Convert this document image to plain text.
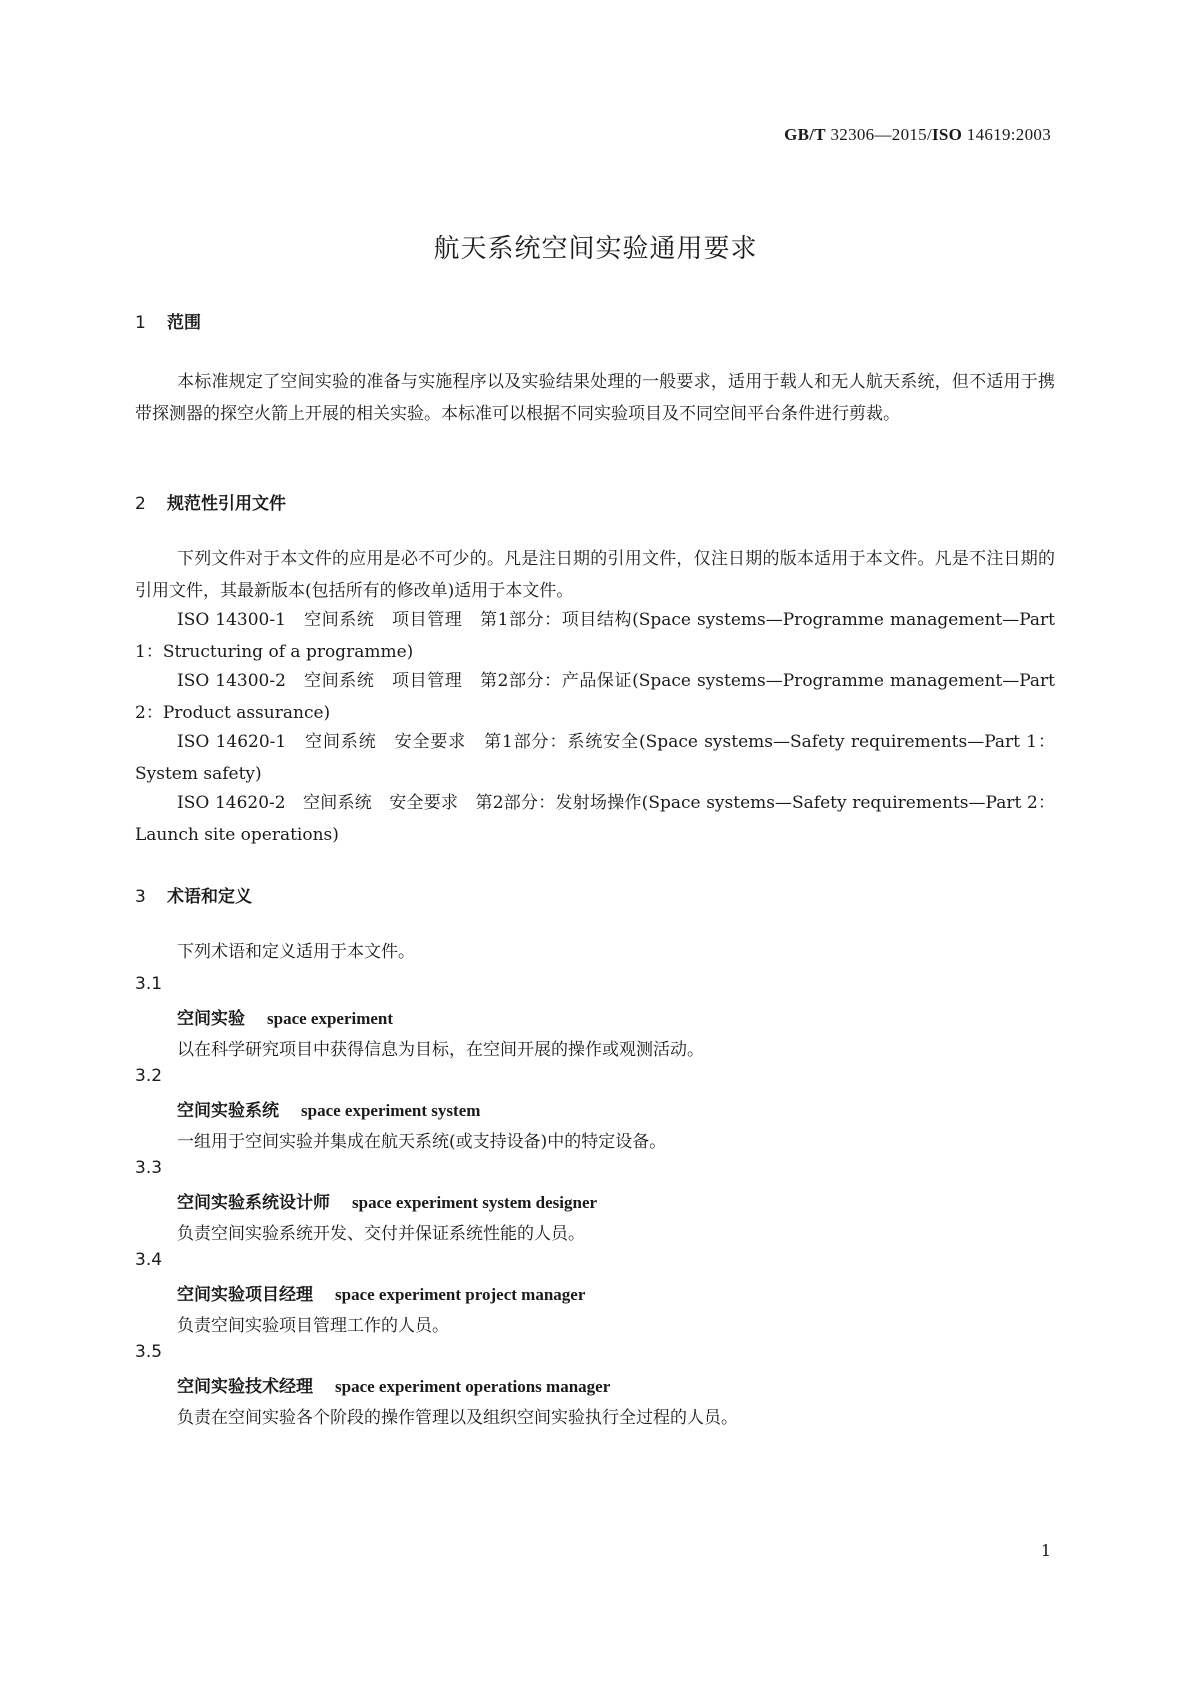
GB/T 32306—2015/ISO 14619:2003
航天系统空间实验通用要求
1 范围
本标准规定了空间实验的准备与实施程序以及实验结果处理的一般要求，适用于载人和无人航天系统，但不适用于携带探测器的探空火箭上开展的相关实验。本标准可以根据不同实验项目及不同空间平台条件进行剪裁。
2 规范性引用文件
下列文件对于本文件的应用是必不可少的。凡是注日期的引用文件，仅注日期的版本适用于本文件。凡是不注日期的引用文件，其最新版本(包括所有的修改单)适用于本文件。
ISO 14300-1　空间系统　项目管理　第1部分：项目结构(Space systems—Programme management—Part 1：Structuring of a programme)
ISO 14300-2　空间系统　项目管理　第2部分：产品保证(Space systems—Programme management—Part 2：Product assurance)
ISO 14620-1　空间系统　安全要求　第1部分：系统安全(Space systems—Safety requirements—Part 1：System safety)
ISO 14620-2　空间系统　安全要求　第2部分：发射场操作(Space systems—Safety requirements—Part 2：Launch site operations)
3 术语和定义
下列术语和定义适用于本文件。
3.1
空间实验 space experiment
以在科学研究项目中获得信息为目标，在空间开展的操作或观测活动。
3.2
空间实验系统 space experiment system
一组用于空间实验并集成在航天系统(或支持设备)中的特定设备。
3.3
空间实验系统设计师 space experiment system designer
负责空间实验系统开发、交付并保证系统性能的人员。
3.4
空间实验项目经理 space experiment project manager
负责空间实验项目管理工作的人员。
3.5
空间实验技术经理 space experiment operations manager
负责在空间实验各个阶段的操作管理以及组织空间实验执行全过程的人员。
1
